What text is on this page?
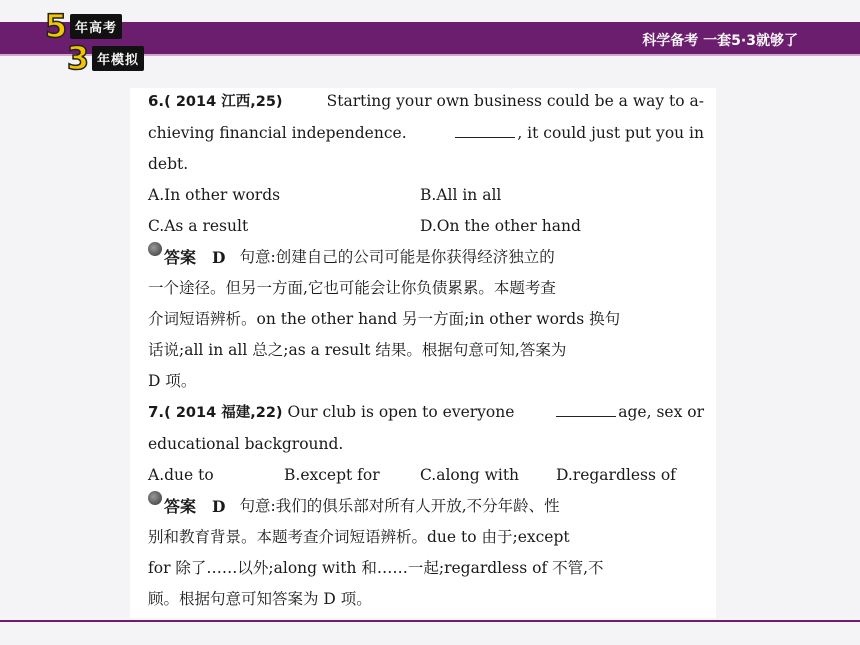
科学备考 一套5·3就够了
5 年高考
3 年模拟
6.( 2014 江西,25)	Starting your own business could be a way to a-
chieving financial independence.	, it could just put you in
debt.
A.In other words	B.All in all
C.As a result	D.On the other hand
答案 D 句意:创建自己的公司可能是你获得经济独立的
一个途径。但另一方面,它也可能会让你负债累累。本题考查
介词短语辨析。on the other hand 另一方面;in other words 换句
话说;all in all 总之;as a result 结果。根据句意可知,答案为
D 项。
7.( 2014 福建,22) Our club is open to everyone	age, sex or
educational background.
A.due to	B.except for	C.along with	D.regardless of
答案 D 句意:我们的俱乐部对所有人开放,不分年龄、性
别和教育背景。本题考查介词短语辨析。due to 由于;except
for 除了……以外;along with 和……一起;regardless of 不管,不
顾。根据句意可知答案为 D 项。
